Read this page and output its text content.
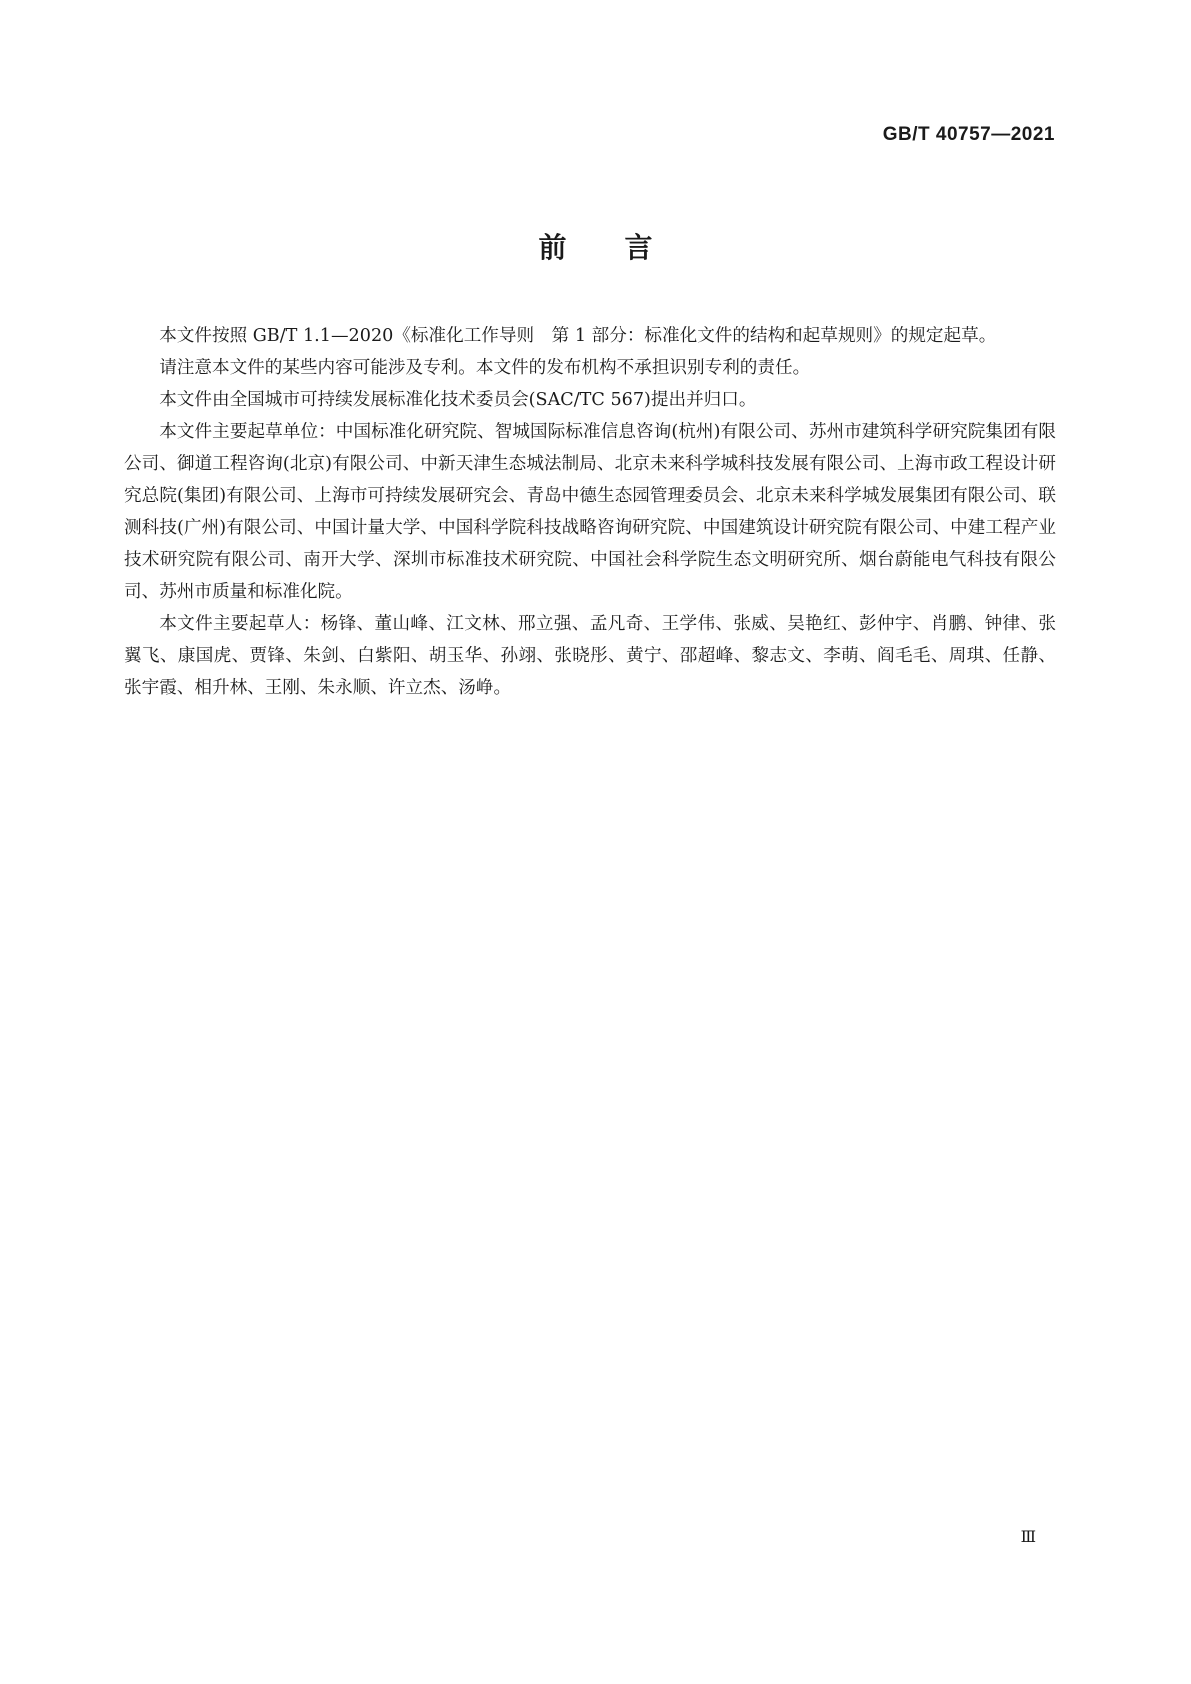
GB/T 40757—2021
前言

本文件按照 GB/T 1.1—2020《标准化工作导则　第 1 部分：标准化文件的结构和起草规则》的规定起草。

请注意本文件的某些内容可能涉及专利。本文件的发布机构不承担识别专利的责任。

本文件由全国城市可持续发展标准化技术委员会(SAC/TC 567)提出并归口。

本文件主要起草单位：中国标准化研究院、智城国际标准信息咨询(杭州)有限公司、苏州市建筑科学研究院集团有限公司、御道工程咨询(北京)有限公司、中新天津生态城法制局、北京未来科学城科技发展有限公司、上海市政工程设计研究总院(集团)有限公司、上海市可持续发展研究会、青岛中德生态园管理委员会、北京未来科学城发展集团有限公司、联测科技(广州)有限公司、中国计量大学、中国科学院科技战略咨询研究院、中国建筑设计研究院有限公司、中建工程产业技术研究院有限公司、南开大学、深圳市标准技术研究院、中国社会科学院生态文明研究所、烟台蔚能电气科技有限公司、苏州市质量和标准化院。

本文件主要起草人：杨锋、董山峰、江文林、邢立强、孟凡奇、王学伟、张威、吴艳红、彭仲宇、肖鹏、钟律、张翼飞、康国虎、贾锋、朱剑、白紫阳、胡玉华、孙翊、张晓彤、黄宁、邵超峰、黎志文、李萌、阎毛毛、周琪、任静、张宇霞、相升林、王刚、朱永顺、许立杰、汤峥。

Ⅲ
